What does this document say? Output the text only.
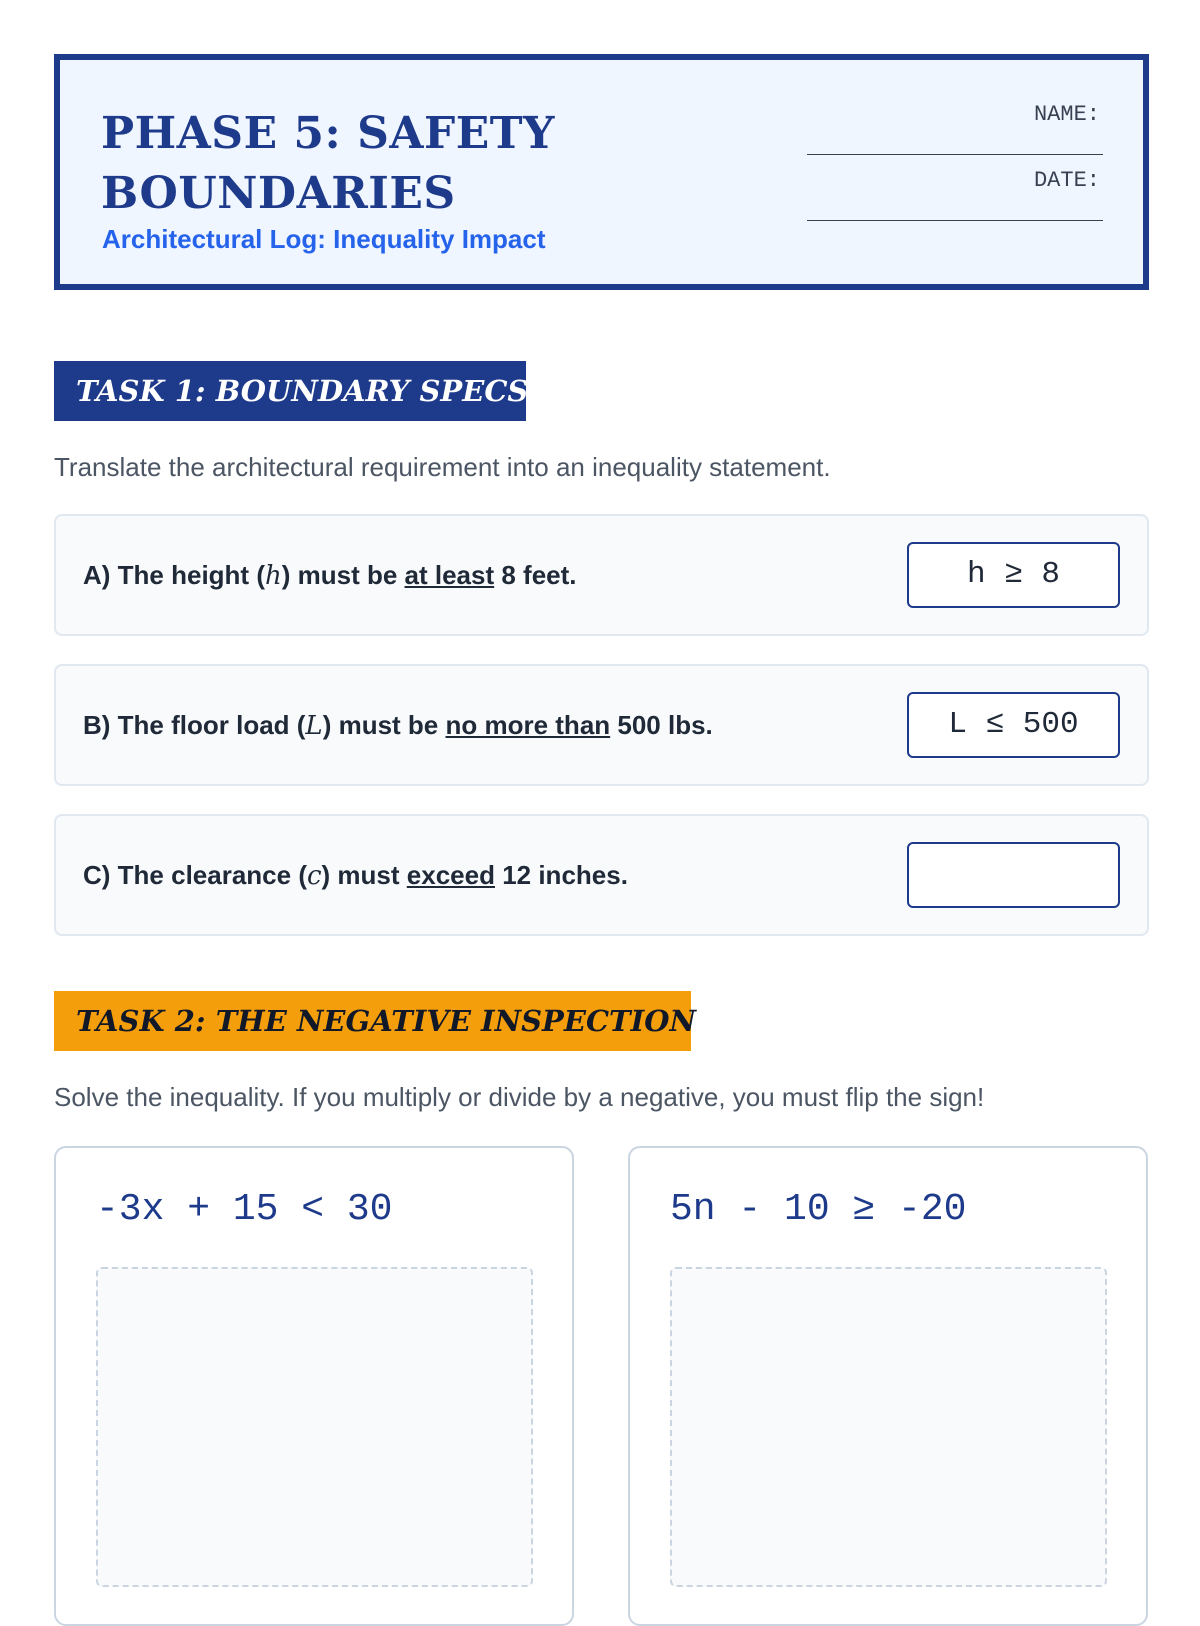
PHASE 5: SAFETY BOUNDARIES
Architectural Log: Inequality Impact
NAME:
DATE:
TASK 1: BOUNDARY SPECS
Translate the architectural requirement into an inequality statement.
A) The height (h) must be at least 8 feet.	h ≥ 8
B) The floor load (L) must be no more than 500 lbs.	L ≤ 500
C) The clearance (c) must exceed 12 inches.
TASK 2: THE NEGATIVE INSPECTION
Solve the inequality. If you multiply or divide by a negative, you must flip the sign!
-3x + 15 < 30	5n - 10 ≥ -20
